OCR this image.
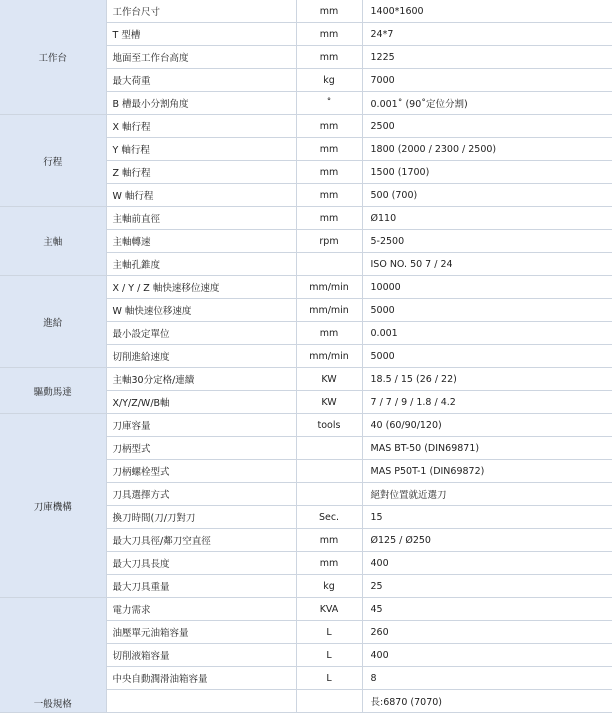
工作台	工作台尺寸	mm	1400*1600
	T 型槽	mm	24*7
	地面至工作台高度	mm	1225
	最大荷重	kg	7000
	B 槽最小分割角度	˚	0.001˚ (90˚定位分割)
行程	X 軸行程	mm	2500
	Y 軸行程	mm	1800 (2000 / 2300 / 2500)
	Z 軸行程	mm	1500 (1700)
	W 軸行程	mm	500 (700)
主軸	主軸前直徑	mm	Ø110
	主軸轉速	rpm	5-2500
	主軸孔錐度		ISO NO. 50 7 / 24
進給	X / Y / Z 軸快速移位速度	mm/min	10000
	W 軸快速位移速度	mm/min	5000
	最小設定單位	mm	0.001
	切削進給速度	mm/min	5000
驅動馬達	主軸30分定格/連續	KW	18.5 / 15 (26 / 22)
	X/Y/Z/W/B軸	KW	7 / 7 / 9 / 1.8 / 4.2
刀庫機構	刀庫容量	tools	40 (60/90/120)
	刀柄型式		MAS BT-50 (DIN69871)
	刀柄螺栓型式		MAS P50T-1 (DIN69872)
	刀具選擇方式		絕對位置就近選刀
	換刀時間(刀/刀對刀	Sec.	15
	最大刀具徑/鄰刀空直徑	mm	Ø125 / Ø250
	最大刀具長度	mm	400
	最大刀具重量	kg	25
一般規格	電力需求	KVA	45
	油壓單元油箱容量	L	260
	切削液箱容量	L	400
	中央自動潤滑油箱容量	L	8
			長:6870 (7070)
